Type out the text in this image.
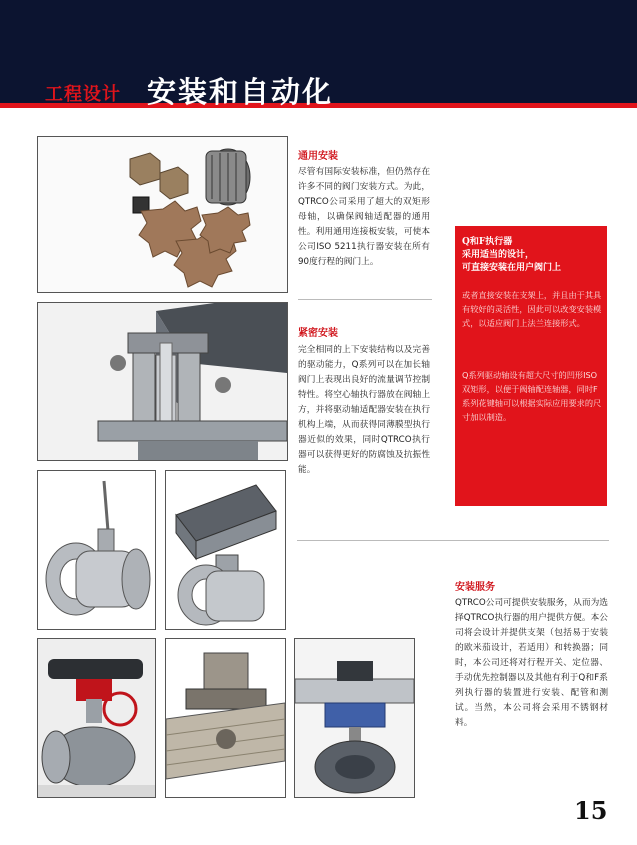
工程设计 安装和自动化
通用安装

尽管有国际安装标准，但仍然存在许多不同的阀门安装方式。为此，QTRCO公司采用了超大的双矩形母轴，以确保阀轴适配器的通用性。利用通用连接板安装，可使本公司ISO 5211执行器安装在所有90度行程的阀门上。

紧密安装

完全相同的上下安装结构以及完善的驱动能力，Q系列可以在加长轴阀门上表现出良好的流量调节控制特性。将空心轴执行器放在阀轴上方，并将驱动轴适配器安装在执行机构上端，从而获得同薄膜型执行器近似的效果，同时QTRCO执行器可以获得更好的防腐蚀及抗振性能。

Q和F执行器
采用适当的设计，
可直接安装在用户阀门上

或者直接安装在支架上，并且由于其具有较好的灵活性，因此可以改变安装模式，以适应阀门上法兰连接形式。

Q系列驱动轴设有超大尺寸的凹形ISO双矩形，以便于阀轴配连轴器，同时F系列花键轴可以根据实际应用要求的尺寸加以制造。

安装服务

QTRCO公司可提供安装服务，从而为选择QTRCO执行器的用户提供方便。本公司将会设计并提供支架（包括易于安装的欧米茄设计，若适用）和转换器；同时，本公司还将对行程开关、定位器、手动优先控制器以及其他有利于Q和F系列执行器的装置进行安装、配管和测试。当然，本公司将会采用不锈钢材料。

15
